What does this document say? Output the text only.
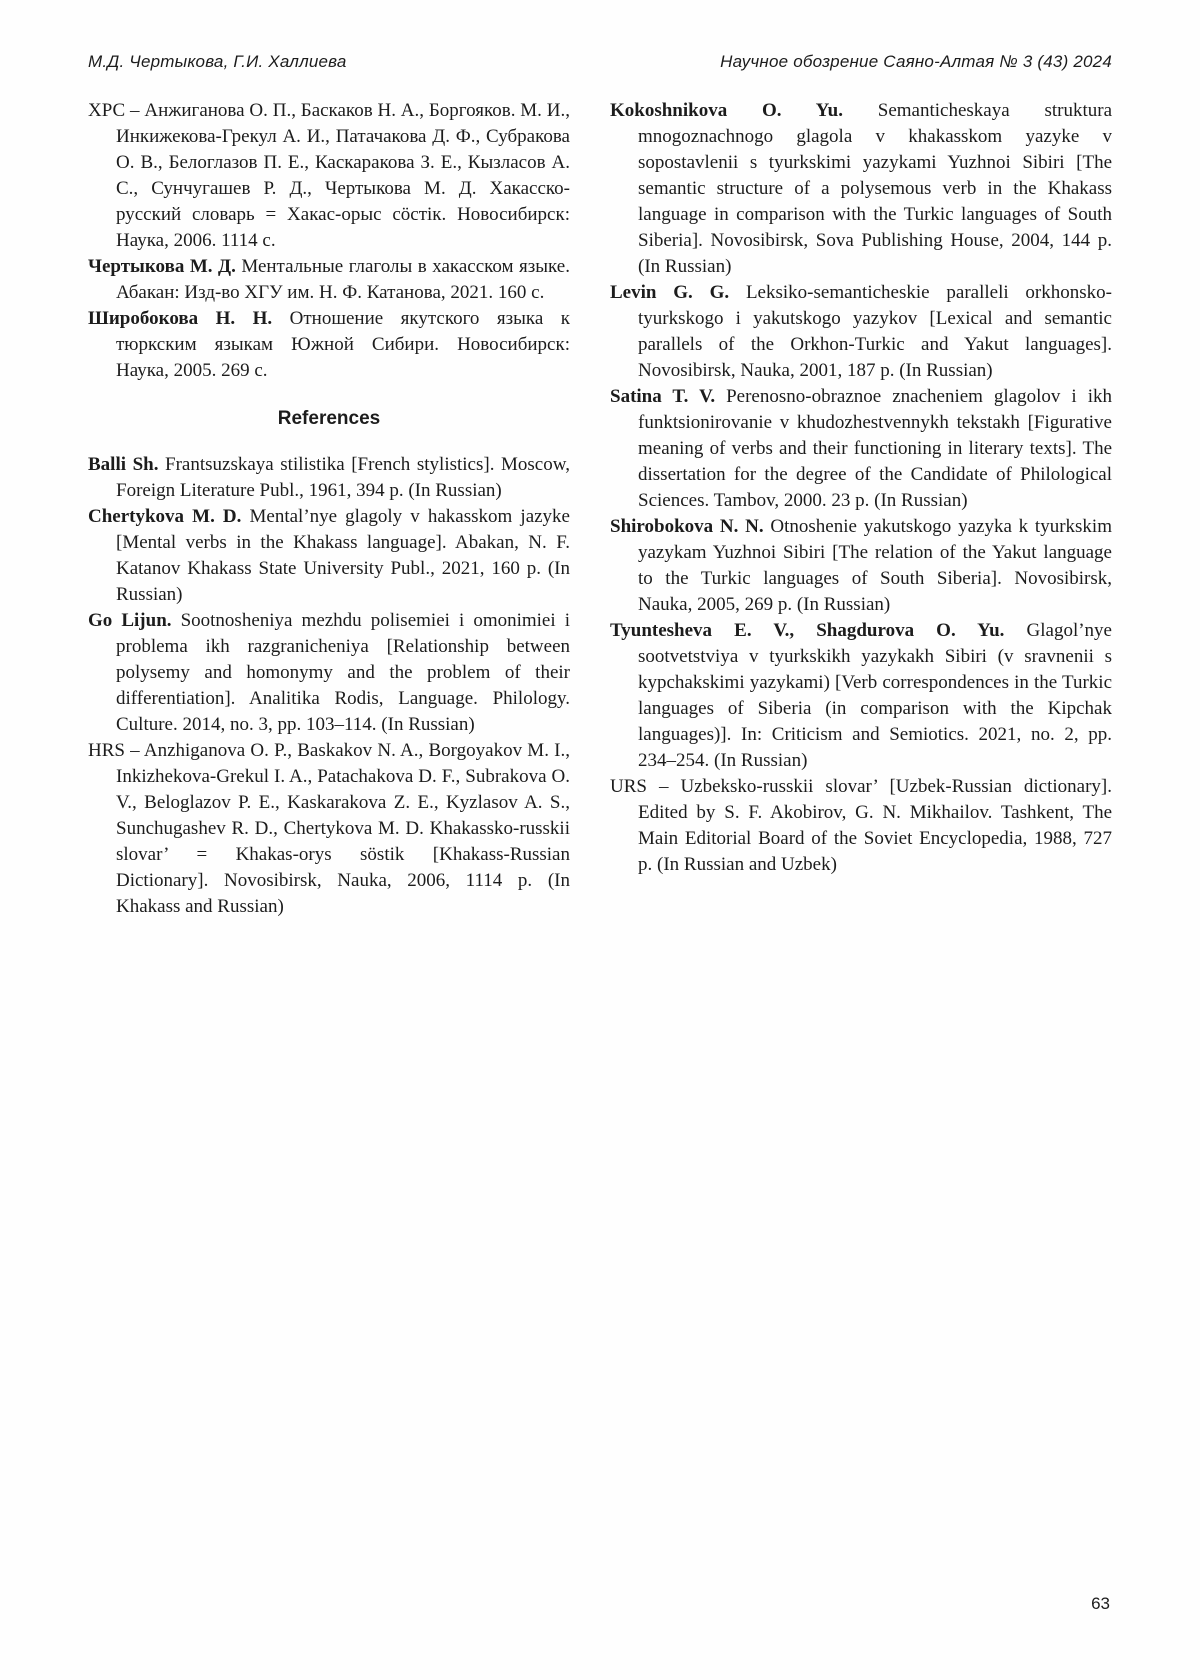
М.Д. Чертыкова, Г.И. Халлиева	Научное обозрение Саяно-Алтая № 3 (43) 2024

ХРС – Анжиганова О. П., Баскаков Н. А., Боргояков. М. И., Инкижекова-Грекул А. И., Патачакова Д. Ф., Субракова О. В., Белоглазов П. Е., Каскаракова З. Е., Кызласов А. С., Сунчугашев Р. Д., Чертыкова М. Д. Хакасско-русский словарь = Хакас-орыс сöстік. Новосибирск: Наука, 2006. 1114 с.

Чертыкова М. Д. Ментальные глаголы в хакасском языке. Абакан: Изд-во ХГУ им. Н. Ф. Катанова, 2021. 160 с.

Широбокова Н. Н. Отношение якутского языка к тюркским языкам Южной Сибири. Новосибирск: Наука, 2005. 269 с.

References

Balli Sh. Frantsuzskaya stilistika [French stylistics]. Moscow, Foreign Literature Publ., 1961, 394 p. (In Russian)

Chertykova M. D. Mental’nye glagoly v hakasskom jazyke [Mental verbs in the Khakass language]. Abakan, N. F. Katanov Khakass State University Publ., 2021, 160 p. (In Russian)

Go Lijun. Sootnosheniya mezhdu polisemiei i omonimiei i problema ikh razgranicheniya [Relationship between polysemy and homonymy and the problem of their differentiation]. Analitika Rodis, Language. Philology. Culture. 2014, no. 3, pp. 103–114. (In Russian)

HRS – Anzhiganova O. P., Baskakov N. A., Borgoyakov M. I., Inkizhekova-Grekul I. A., Patachakova D. F., Subrakova O. V., Beloglazov P. E., Kaskarakova Z. E., Kyzlasov A. S., Sunchugashev R. D., Chertykova M. D. Khakassko-russkii slovar’ = Khakas-orys söstik [Khakass-Russian Dictionary]. Novosibirsk, Nauka, 2006, 1114 p. (In Khakass and Russian)

Kokoshnikova O. Yu. Semanticheskaya struktura mnogoznachnogo glagola v khakasskom yazyke v sopostavlenii s tyurkskimi yazykami Yuzhnoi Sibiri [The semantic structure of a polysemous verb in the Khakass language in comparison with the Turkic languages of South Siberia]. Novosibirsk, Sova Publishing House, 2004, 144 p. (In Russian)

Levin G. G. Leksiko-semanticheskie paralleli orkhonsko-tyurkskogo i yakutskogo yazykov [Lexical and semantic parallels of the Orkhon-Turkic and Yakut languages]. Novosibirsk, Nauka, 2001, 187 p. (In Russian)

Satina T. V. Perenosno-obraznoe znacheniem glagolov i ikh funktsionirovanie v khudozhestvennykh tekstakh [Figurative meaning of verbs and their functioning in literary texts]. The dissertation for the degree of the Candidate of Philological Sciences. Tambov, 2000. 23 p. (In Russian)

Shirobokova N. N. Otnoshenie yakutskogo yazyka k tyurkskim yazykam Yuzhnoi Sibiri [The relation of the Yakut language to the Turkic languages of South Siberia]. Novosibirsk, Nauka, 2005, 269 p. (In Russian)

Tyuntesheva E. V., Shagdurova O. Yu. Glagol’nye sootvetstviya v tyurkskikh yazykakh Sibiri (v sravnenii s kypchakskimi yazykami) [Verb correspondences in the Turkic languages of Siberia (in comparison with the Kipchak languages)]. In: Criticism and Semiotics. 2021, no. 2, pp. 234–254. (In Russian)

URS – Uzbeksko-russkii slovar’ [Uzbek-Russian dictionary]. Edited by S. F. Akobirov, G. N. Mikhailov. Tashkent, The Main Editorial Board of the Soviet Encyclopedia, 1988, 727 p. (In Russian and Uzbek)

63
